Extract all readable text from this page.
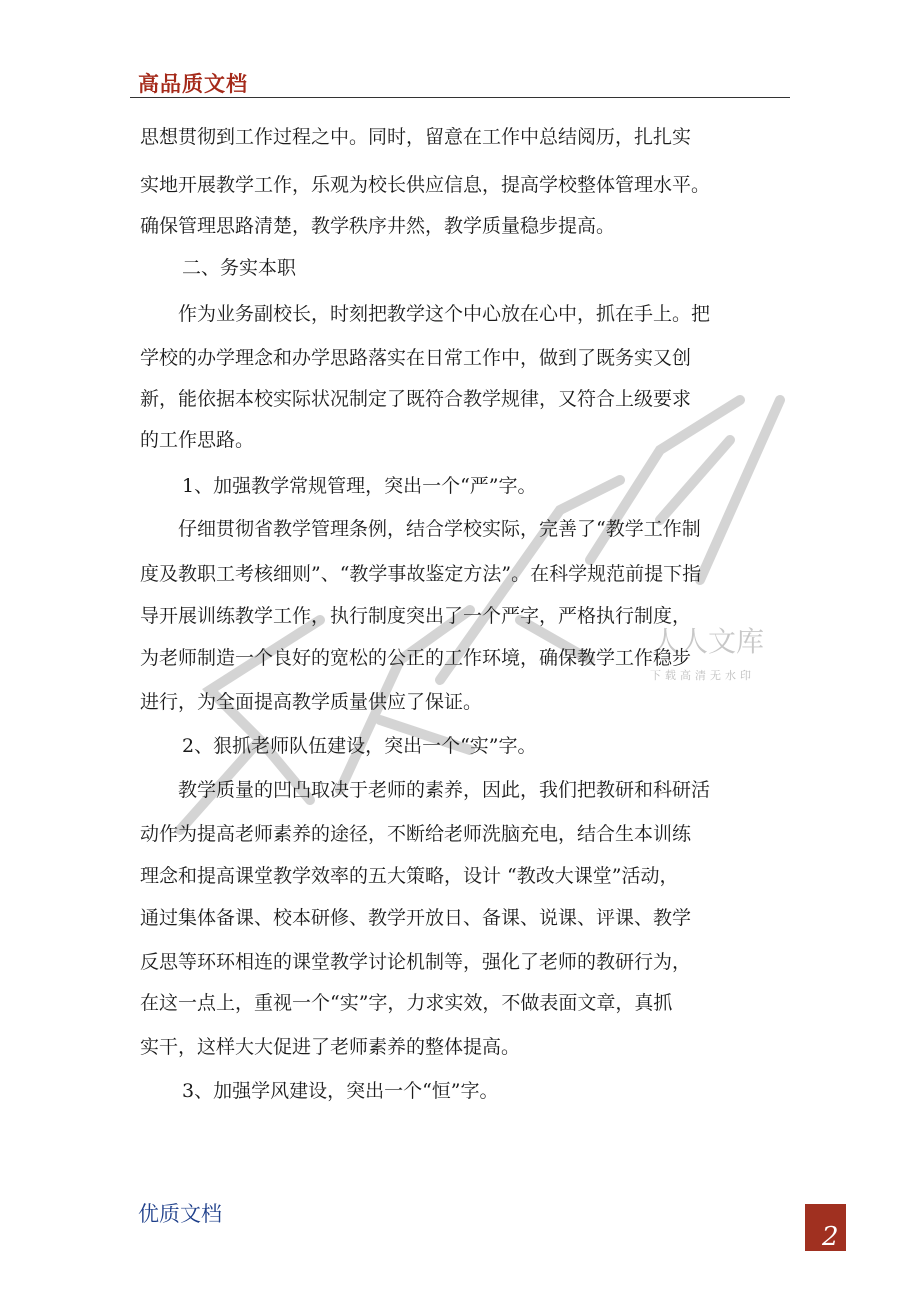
高品质文档
人人文库
下载高清无水印
思想贯彻到工作过程之中。同时，留意在工作中总结阅历，扎扎实
实地开展教学工作，乐观为校长供应信息，提高学校整体管理水平。
确保管理思路清楚，教学秩序井然，教学质量稳步提高。
二、务实本职
作为业务副校长，时刻把教学这个中心放在心中，抓在手上。把
学校的办学理念和办学思路落实在日常工作中，做到了既务实又创
新，能依据本校实际状况制定了既符合教学规律，又符合上级要求
的工作思路。
1、加强教学常规管理，突出一个“严”字。
仔细贯彻省教学管理条例，结合学校实际，完善了“教学工作制
度及教职工考核细则”、“教学事故鉴定方法”。在科学规范前提下指
导开展训练教学工作，执行制度突出了一个严字，严格执行制度，
为老师制造一个良好的宽松的公正的工作环境，确保教学工作稳步
进行，为全面提高教学质量供应了保证。
2、狠抓老师队伍建设，突出一个“实”字。
教学质量的凹凸取决于老师的素养，因此，我们把教研和科研活
动作为提高老师素养的途径，不断给老师洗脑充电，结合生本训练
理念和提高课堂教学效率的五大策略，设计 “教改大课堂”活动，
通过集体备课、校本研修、教学开放日、备课、说课、评课、教学
反思等环环相连的课堂教学讨论机制等，强化了老师的教研行为，
在这一点上，重视一个“实”字，力求实效，不做表面文章，真抓
实干，这样大大促进了老师素养的整体提高。
3、加强学风建设，突出一个“恒”字。
优质文档
2
